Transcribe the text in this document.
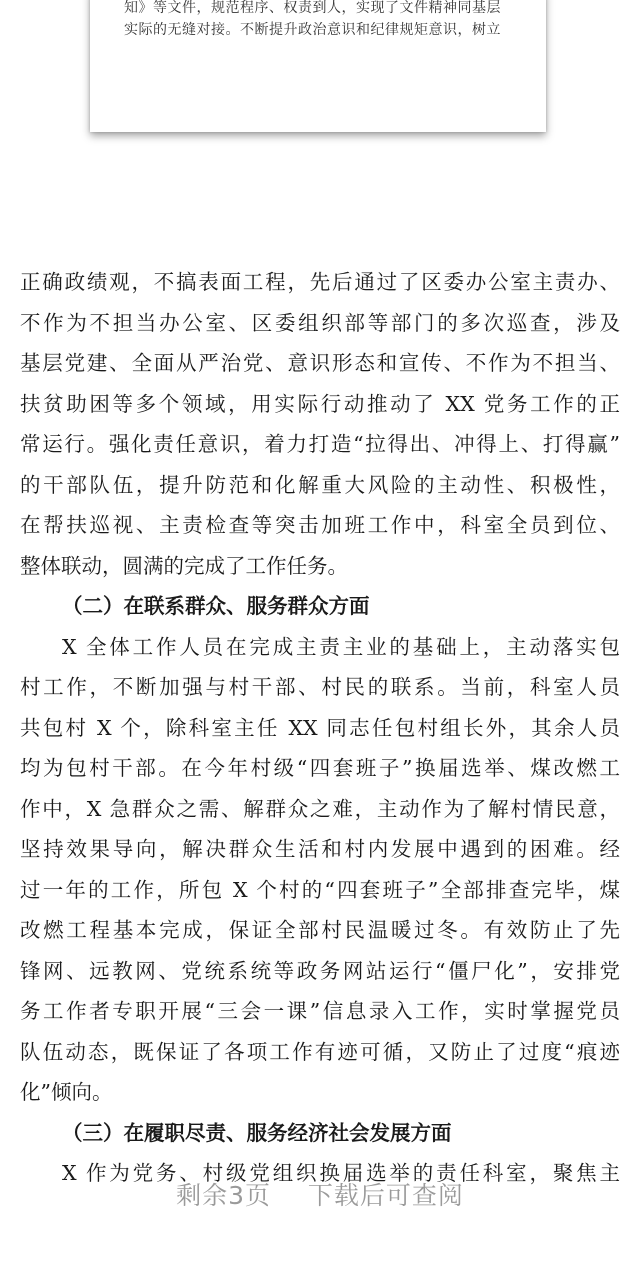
知》等文件，规范程序、权责到人，实现了文件精神同基层
实际的无缝对接。不断提升政治意识和纪律规矩意识，树立
正确政绩观，不搞表面工程，先后通过了区委办公室主责办、
不作为不担当办公室、区委组织部等部门的多次巡查，涉及
基层党建、全面从严治党、意识形态和宣传、不作为不担当、
扶贫助困等多个领域，用实际行动推动了 XX 党务工作的正
常运行。强化责任意识，着力打造“拉得出、冲得上、打得赢”
的干部队伍，提升防范和化解重大风险的主动性、积极性，
在帮扶巡视、主责检查等突击加班工作中，科室全员到位、
整体联动，圆满的完成了工作任务。
（二）在联系群众、服务群众方面
X 全体工作人员在完成主责主业的基础上，主动落实包
村工作，不断加强与村干部、村民的联系。当前，科室人员
共包村 X 个，除科室主任 XX 同志任包村组长外，其余人员
均为包村干部。在今年村级“四套班子”换届选举、煤改燃工
作中，X 急群众之需、解群众之难，主动作为了解村情民意，
坚持效果导向，解决群众生活和村内发展中遇到的困难。经
过一年的工作，所包 X 个村的“四套班子”全部排查完毕，煤
改燃工程基本完成，保证全部村民温暖过冬。有效防止了先
锋网、远教网、党统系统等政务网站运行“僵尸化”，安排党
务工作者专职开展“三会一课”信息录入工作，实时掌握党员
队伍动态，既保证了各项工作有迹可循，又防止了过度“痕迹
化”倾向。
（三）在履职尽责、服务经济社会发展方面
X 作为党务、村级党组织换届选举的责任科室，聚焦主
剩余3页 下载后可查阅
